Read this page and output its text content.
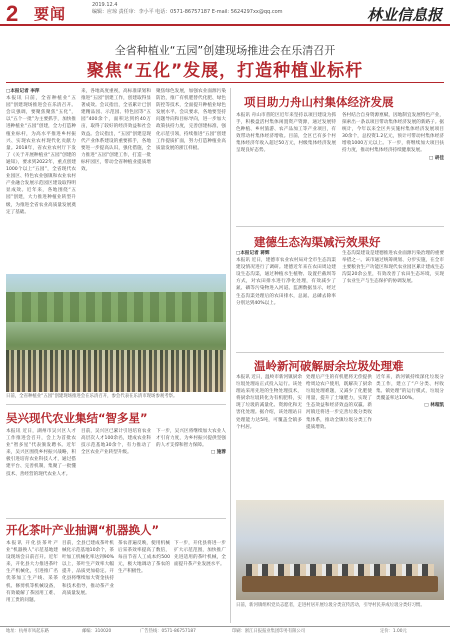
2 要闻	2019.12.4
编辑：应琼 责任审：李小平 电话：0571-86757187 E-mail: 5624297xx@qq.com	林业信息报
全省种植业“五园”创建现场推进会在乐清召开
聚焦“五化”发展，打造种植业标杆
□本报记者 李萍
本报讯 日前，全省种植业“五园”创建现场推进会在乐清召开。会议强调，要聚焦聚焦“五化”，以“五个一批”为主要抓手，加快推进种植业“五园”创建，全力打造种植业标杆，为高水平推进乡村振兴、实现农业农村现代化贡献力量。2018年，省农业农村厅下发了《关于开展种植业“五园”创建的通知》，要求到2022年，重点创建1000个以上“五园”，全省现代农业园区、特色农业强镇和农业农村产业融合发展示范园区建设取得明显成效。近年来，各地围绕“五园”创建，大力推进种植业转型升级，为推进全省农业高质量发展奠定了基础。
来，各地高度重视，高标准谋划和推进“五园”创建工作，创建取得显著成效。会议指出，全省累计已创建精品园、示范园、特色园等“五园”400余个，面积达到约40万亩，取得了较好的经济效益和社会效益。会议指出，“五园”创建是现代产业体系建设的重要抓手，各地要进一步提高认识，强化措施，全力推进“五园”创建工作，打造一批标杆园区，带动全省种植业提质增效。
聚焦绿色发展，加强农业面源污染防治，推广有机肥替代化肥、绿色防控等技术，全面提升种植业绿色发展水平。会议要求，各地要坚持问题导向和目标导向，进一步加大政策扶持力度，完善创建标准，强化示范引领，持续推进“五园”创建工作提质扩面，努力打造种植业高质量发展的浙江样板。
日前，全省种植业“五园”创建现场推进会在乐清召开，参会代表在乐清市现场参观考察。
项目助力舟山村集体经济发展
本报讯 舟山市普陀区近年来坚持以项目建设为抓手，积极盘活村集体闲置资产资源，通过发展特色种植、乡村旅游、农产品加工等产业项目，有效带动村集体经济增收。目前，全区已有多个村集体经济年收入超过50万元，村级集体经济发展呈现良好态势。
各村结合自身资源禀赋，因地制宜发展特色产业，探索出一条以项目带动集体经济发展的新路子。据统计，今年以来全区共实施村集体经济发展项目30余个，总投资1.2亿元，预计可带动村集体经济增收1000万元以上。下一步，将继续加大项目扶持力度，推动村集体经济持续健康发展。
□ 胡佳
建德生态沟渠减污效果好
□本报记者 蒋辉
本报讯 近日，建德市农业农村局对全市生态沟渠建设情况进行了调研。建德近年来在农田周边建设生态沟渠，通过种植水生植物、设置拦截坝等方式，对农田排水进行净化处理，有效减少了氮、磷等污染物进入河道。监测数据显示，经过生态沟渠处理后的农田排水，总氮、总磷去除率分别达到40%以上。
生态沟渠建设是建德推进农业面源污染治理的重要举措之一。该市通过统筹规划、分步实施，在全市主要粮食生产功能区和现代农业园区累计建成生态沟渠20余公里，有效改善了农田生态环境，实现了农业生产与生态保护的协调发展。
温岭新河破解厨余垃圾处理难
本报讯 近日，温岭市新河镇厨余垃圾处理站正式投入运行。该处理站采用先进的生物处理技术，将厨余垃圾转化为有机肥料，实现了垃圾的减量化、资源化和无害化处理。据介绍，该处理站日处理能力达5吨，可覆盖全镇多个村居。
处理后产生的有机肥将无偿提供给周边农户使用，既解决了厨余垃圾处理难题，又减少了化肥使用量，提升了土壤肥力，实现了生态效益和经济效益的双赢。新河镇还将进一步完善垃圾分类收集体系，推动全镇垃圾分类工作提质增效。
近年来，新河镇持续深化垃圾分类工作，建立了“户分类、村收集、镇处理”的运行模式，垃圾分类覆盖率达100%。
□ 林超凯
日前，新河镇组织党员志愿者，走进村居开展垃圾分类宣传活动，引导村民养成垃圾分类好习惯。
吴兴现代农业集结“智多星”
本报讯 近日，湖州市吴兴区人才工作推进会召开，会上为首批农业“智多星”代表颁发聘书。近年来，吴兴区围绕乡村振兴战略，积极引进培育农业科技人才，通过搭建平台、完善机制，集聚了一批懂技术、善经营的现代农业人才。
目前，吴兴区已累计引进培育农业高层次人才100余名，建成农业科技示范基地30余个，有力推动了全区农业产业转型升级。
下一步，吴兴区将继续加大农业人才引育力度，为乡村振兴提供坚强的人才支撑和智力保障。
□ 施蓉
开化茶叶产业抽调“机器换人”
本报讯 开化县茶叶产业“机器换人”示范基地建设现场会日前召开。近年来，开化县大力推进茶叶生产机械化，引进推广名优茶加工生产线、采茶机、修剪机等机械设备，有效破解了茶园用工难、用工贵的问题。
目前，全县已建成茶叶机械化示范基地10余个，茶叶加工机械化率达到90%以上，茶叶生产效率大幅提升，品质更加稳定。开化县将继续加大资金扶持和技术指导，推动茶产业高质量发展。
茶农普遍反映，使用机械后采茶效率提高了数倍，每亩节省人工成本约500元，极大地调动了茶农的生产积极性。
下一步，开化县将进一步扩大示范范围，加快推广先进适用的茶叶机械，全面提升茶产业发展水平。
地址：杭州市凤起东路	邮编：310020	广告热线：0571-86757187	印刷：浙江日报报业集团印务有限公司	定价：1.00元
